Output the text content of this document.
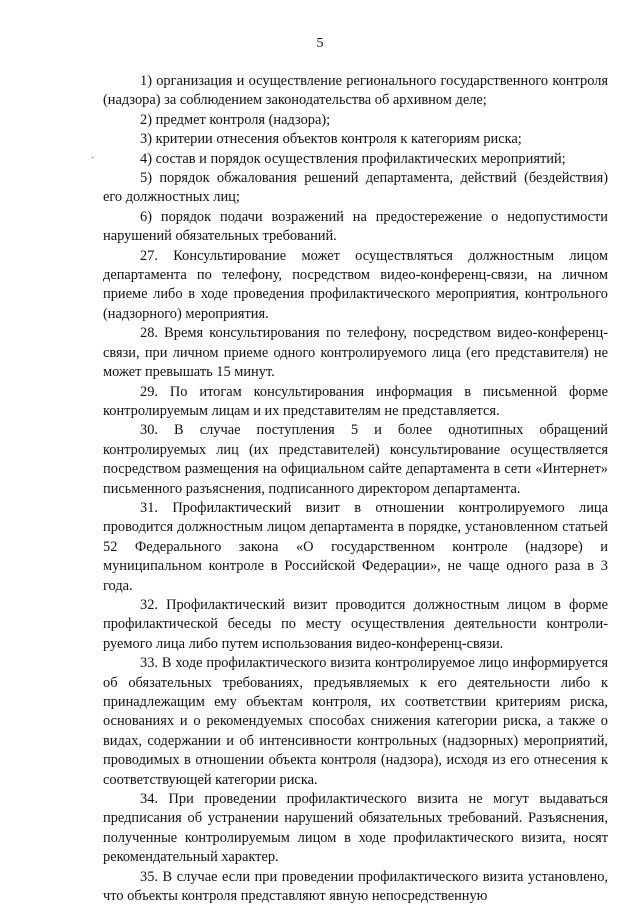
5
·

1) организация и осуществление регионального государственного контроля (надзора) за соблюдением законодательства об архивном деле;

2) предмет контроля (надзора);

3) критерии отнесения объектов контроля к категориям риска;

4) состав и порядок осуществления профилактических мероприятий;

5) порядок обжалования решений департамента, действий (бездействия) его должностных лиц;

6) порядок подачи возражений на предостережение о недопустимости нарушений обязательных требований.

27. Консультирование может осуществляться должностным лицом департамента по телефону, посредством видео-конференц-связи, на личном приеме либо в ходе проведения профилактического мероприятия, контрольного (надзорного) мероприятия.

28. Время консультирования по телефону, посредством видео-конференц-связи, при личном приеме одного контролируемого лица (его представителя) не может превышать 15 минут.

29. По итогам консультирования информация в письменной форме контролируемым лицам и их представителям не представляется.

30. В случае поступления 5 и более однотипных обращений контролируемых лиц (их представителей) консультирование осуществляется посредством размещения на официальном сайте департамента в сети «Интернет» письменного разъяснения, подписанного директором департамента.

31. Профилактический визит в отношении контролируемого лица проводится должностным лицом департамента в порядке, установленном статьей 52 Федерального закона «О государственном контроле (надзоре) и муниципальном контроле в Российской Федерации», не чаще одного раза в 3 года.

32. Профилактический визит проводится должностным лицом в форме профилактической беседы по месту осуществления деятельности контролируемого лица либо путем использования видео-конференц-связи.

33. В ходе профилактического визита контролируемое лицо информируется об обязательных требованиях, предъявляемых к его деятельности либо к принадлежащим ему объектам контроля, их соответствии критериям риска, основаниях и о рекомендуемых способах снижения категории риска, а также о видах, содержании и об интенсивности контрольных (надзорных) мероприятий, проводимых в отношении объекта контроля (надзора), исходя из его отнесения к соответствующей категории риска.

34. При проведении профилактического визита не могут выдаваться предписания об устранении нарушений обязательных требований. Разъяснения, полученные контролируемым лицом в ходе профилактического визита, носят рекомендательный характер.

35. В случае если при проведении профилактического визита установлено, что объекты контроля представляют явную непосредственную
